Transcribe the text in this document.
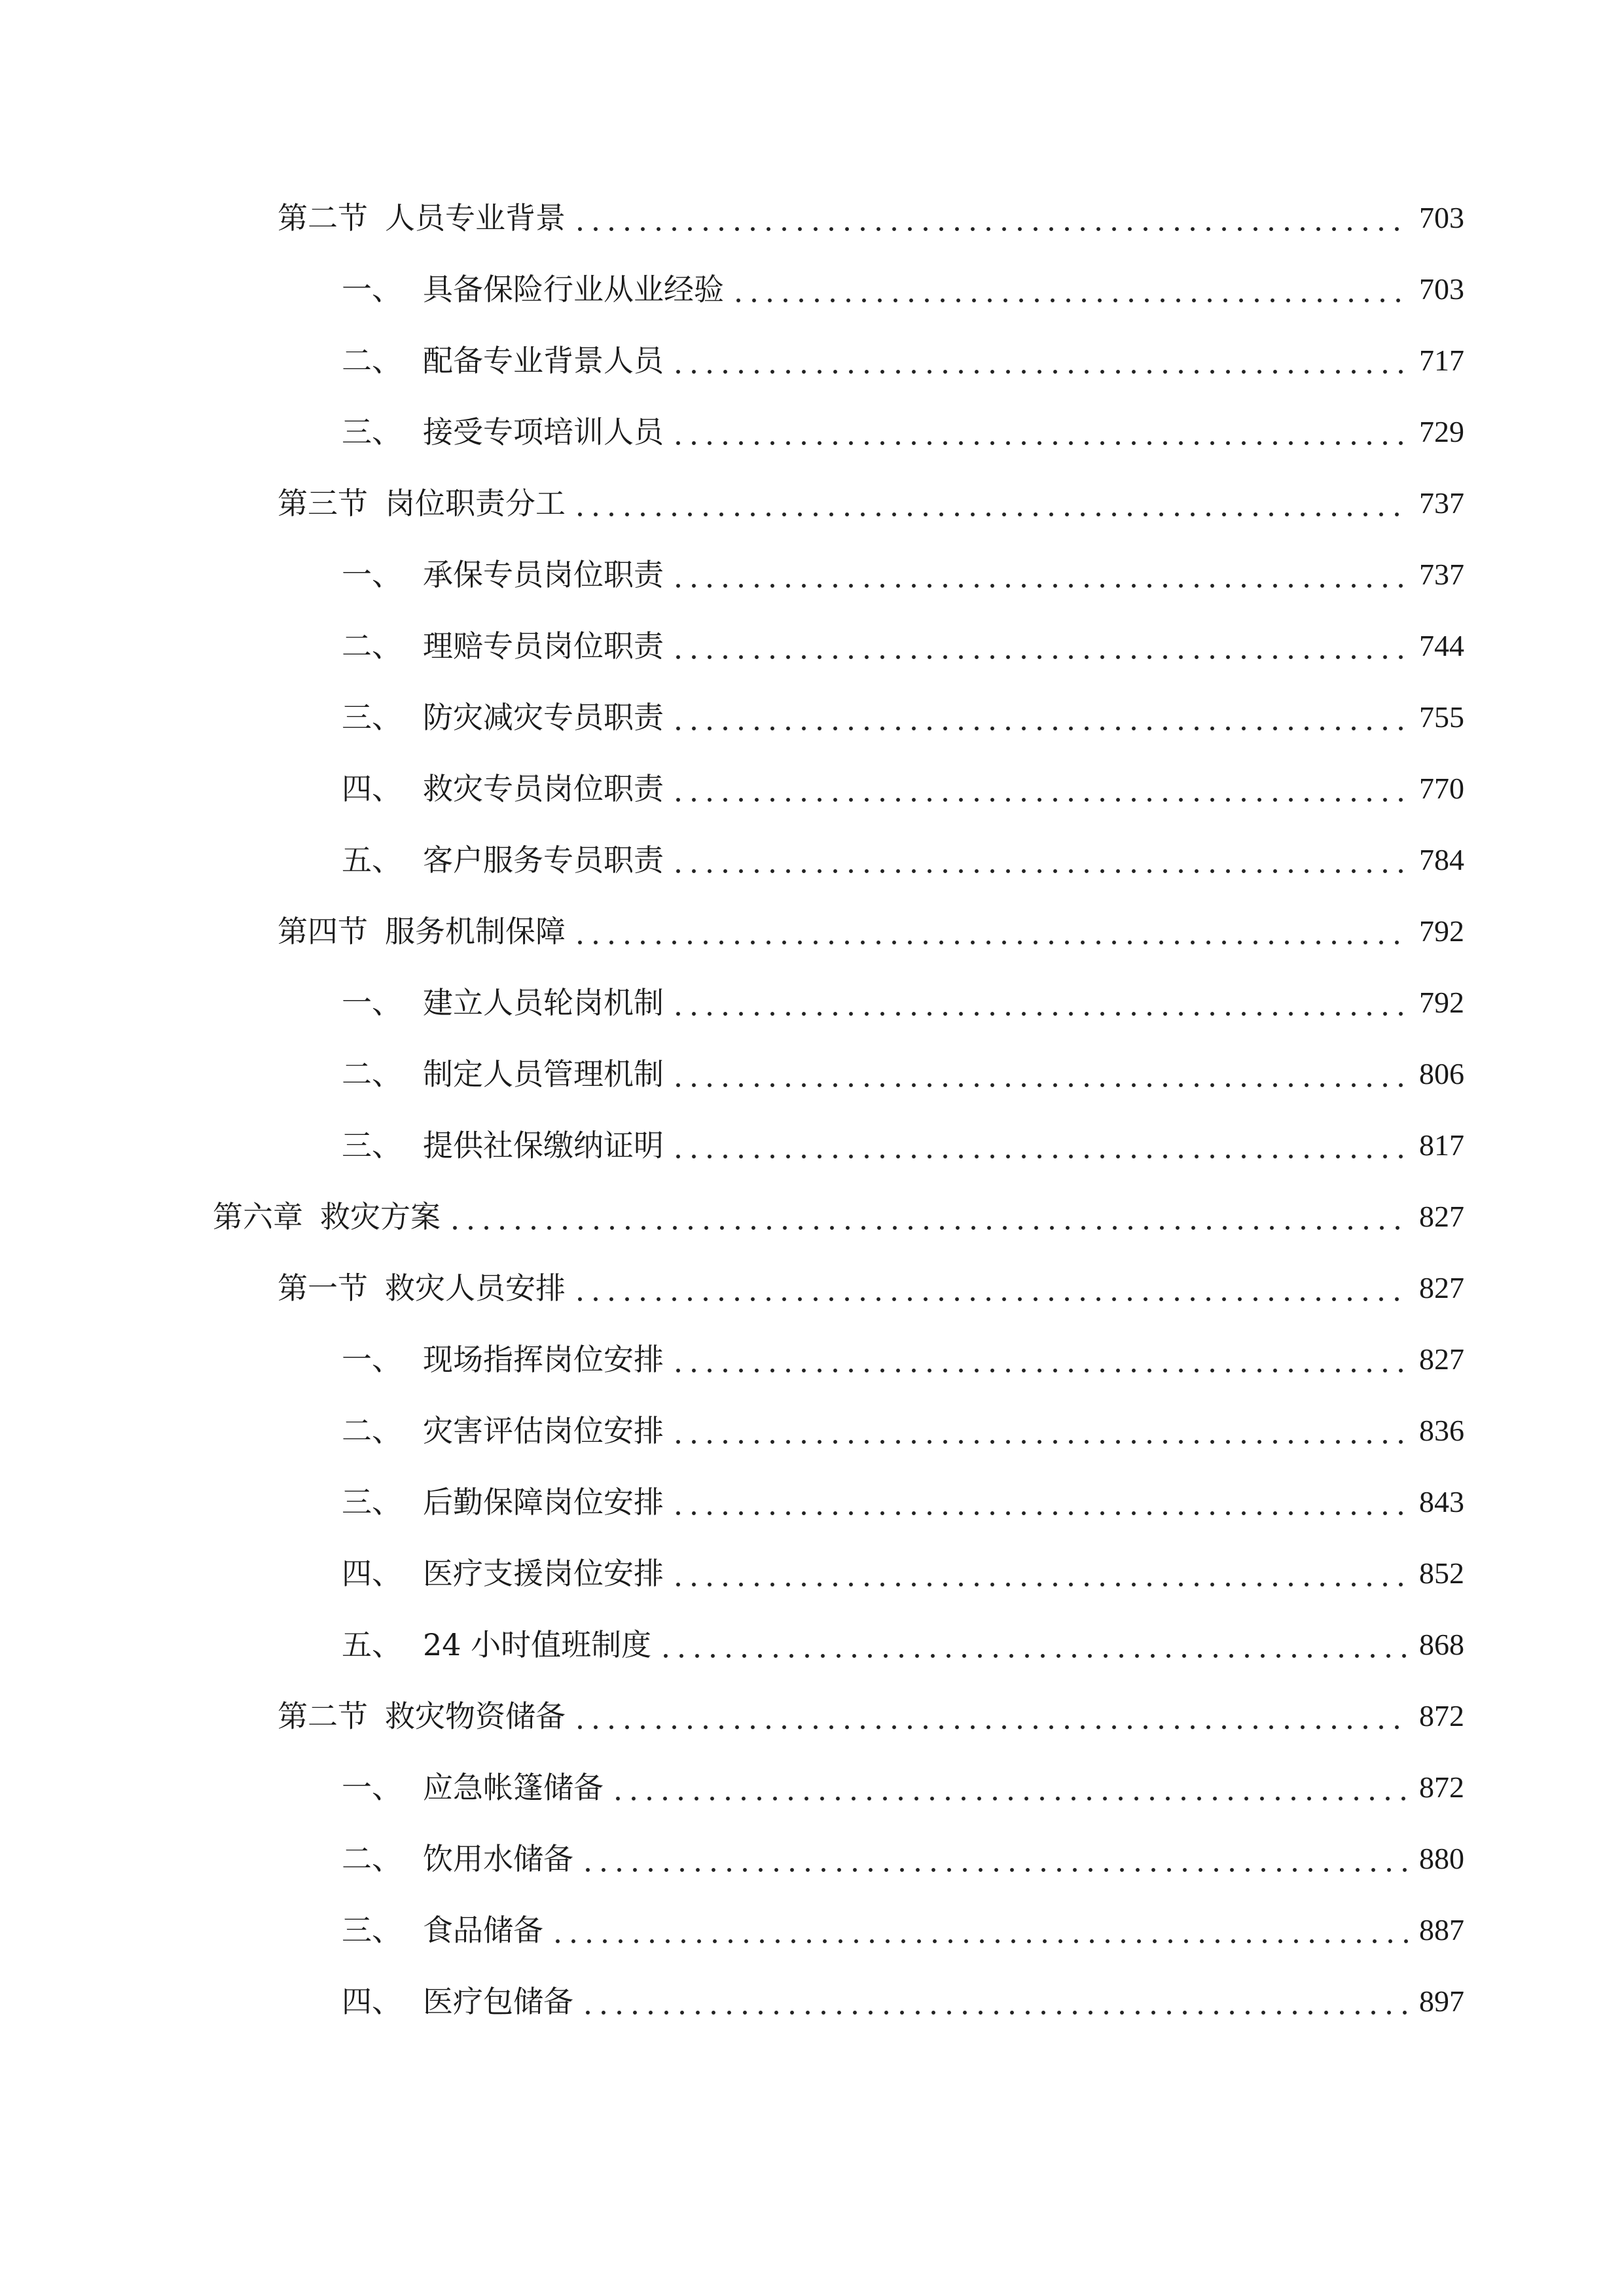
第二节 人员专业背景	703
一、 具备保险行业从业经验	703
二、 配备专业背景人员	717
三、 接受专项培训人员	729
第三节 岗位职责分工	737
一、 承保专员岗位职责	737
二、 理赔专员岗位职责	744
三、 防灾减灾专员职责	755
四、 救灾专员岗位职责	770
五、 客户服务专员职责	784
第四节 服务机制保障	792
一、 建立人员轮岗机制	792
二、 制定人员管理机制	806
三、 提供社保缴纳证明	817
第六章 救灾方案	827
第一节 救灾人员安排	827
一、 现场指挥岗位安排	827
二、 灾害评估岗位安排	836
三、 后勤保障岗位安排	843
四、 医疗支援岗位安排	852
五、 24 小时值班制度	868
第二节 救灾物资储备	872
一、 应急帐篷储备	872
二、 饮用水储备	880
三、 食品储备	887
四、 医疗包储备	897
